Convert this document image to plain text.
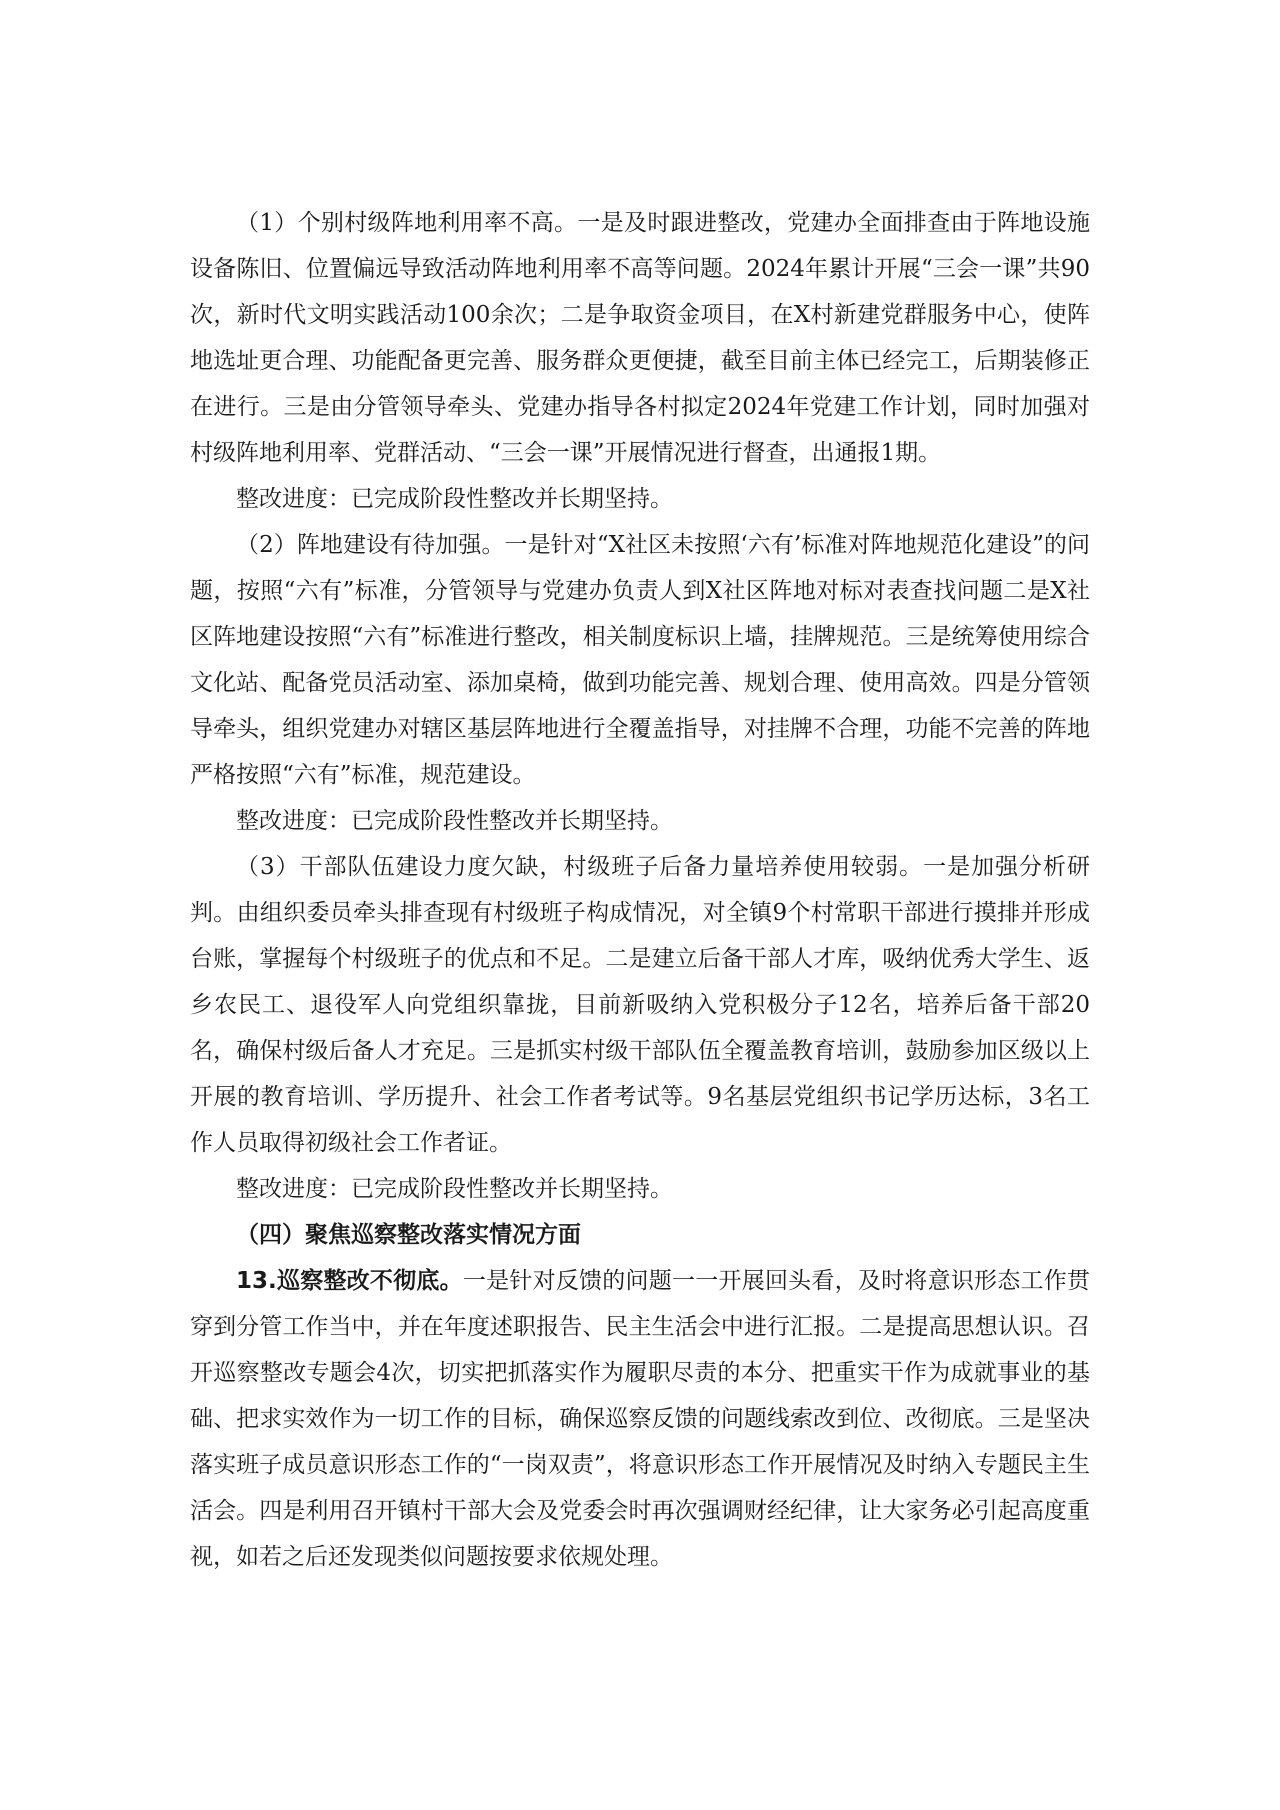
（1）个别村级阵地利用率不高。一是及时跟进整改，党建办全面排查由于阵地设施设备陈旧、位置偏远导致活动阵地利用率不高等问题。2024年累计开展“三会一课”共90次，新时代文明实践活动100余次；二是争取资金项目，在X村新建党群服务中心，使阵地选址更合理、功能配备更完善、服务群众更便捷，截至目前主体已经完工，后期装修正在进行。三是由分管领导牵头、党建办指导各村拟定2024年党建工作计划，同时加强对村级阵地利用率、党群活动、“三会一课”开展情况进行督查，出通报1期。

整改进度：已完成阶段性整改并长期坚持。

（2）阵地建设有待加强。一是针对“X社区未按照‘六有’标准对阵地规范化建设”的问题，按照“六有”标准，分管领导与党建办负责人到X社区阵地对标对表查找问题二是X社区阵地建设按照“六有”标准进行整改，相关制度标识上墙，挂牌规范。三是统筹使用综合文化站、配备党员活动室、添加桌椅，做到功能完善、规划合理、使用高效。四是分管领导牵头，组织党建办对辖区基层阵地进行全覆盖指导，对挂牌不合理，功能不完善的阵地严格按照“六有”标准，规范建设。

整改进度：已完成阶段性整改并长期坚持。

（3）干部队伍建设力度欠缺，村级班子后备力量培养使用较弱。一是加强分析研判。由组织委员牵头排查现有村级班子构成情况，对全镇9个村常职干部进行摸排并形成台账，掌握每个村级班子的优点和不足。二是建立后备干部人才库，吸纳优秀大学生、返乡农民工、退役军人向党组织靠拢，目前新吸纳入党积极分子12名，培养后备干部20名，确保村级后备人才充足。三是抓实村级干部队伍全覆盖教育培训，鼓励参加区级以上开展的教育培训、学历提升、社会工作者考试等。9名基层党组织书记学历达标，3名工作人员取得初级社会工作者证。

整改进度：已完成阶段性整改并长期坚持。

（四）聚焦巡察整改落实情况方面

13.巡察整改不彻底。一是针对反馈的问题一一开展回头看，及时将意识形态工作贯穿到分管工作当中，并在年度述职报告、民主生活会中进行汇报。二是提高思想认识。召开巡察整改专题会4次，切实把抓落实作为履职尽责的本分、把重实干作为成就事业的基础、把求实效作为一切工作的目标，确保巡察反馈的问题线索改到位、改彻底。三是坚决落实班子成员意识形态工作的“一岗双责”，将意识形态工作开展情况及时纳入专题民主生活会。四是利用召开镇村干部大会及党委会时再次强调财经纪律，让大家务必引起高度重视，如若之后还发现类似问题按要求依规处理。
